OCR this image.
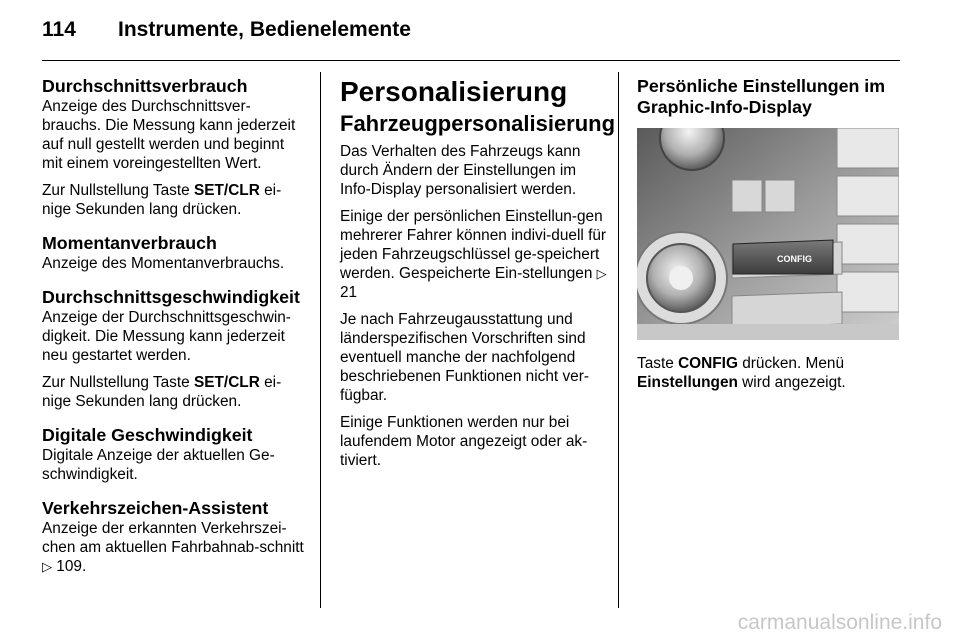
114	Instrumente, Bedienelemente
Durchschnittsverbrauch

Anzeige des Durchschnittsver-brauchs. Die Messung kann jederzeit auf null gestellt werden und beginnt mit einem voreingestellten Wert.

Zur Nullstellung Taste SET/CLR ei-nige Sekunden lang drücken.

Momentanverbrauch

Anzeige des Momentanverbrauchs.

Durchschnittsgeschwindigkeit

Anzeige der Durchschnittsgeschwin-digkeit. Die Messung kann jederzeit neu gestartet werden.

Zur Nullstellung Taste SET/CLR ei-nige Sekunden lang drücken.

Digitale Geschwindigkeit

Digitale Anzeige der aktuellen Ge-schwindigkeit.

Verkehrszeichen-Assistent

Anzeige der erkannten Verkehrszei-chen am aktuellen Fahrbahnab-schnitt ▷ 109.

Personalisierung
Fahrzeugpersonalisierung

Das Verhalten des Fahrzeugs kann durch Ändern der Einstellungen im Info-Display personalisiert werden.

Einige der persönlichen Einstellun-gen mehrerer Fahrer können indivi-duell für jeden Fahrzeugschlüssel ge-speichert werden. Gespeicherte Ein-stellungen ▷ 21

Je nach Fahrzeugausstattung und länderspezifischen Vorschriften sind eventuell manche der nachfolgend beschriebenen Funktionen nicht ver-fügbar.

Einige Funktionen werden nur bei laufendem Motor angezeigt oder ak-tiviert.

Persönliche Einstellungen im Graphic-Info-Display
CONFIG

Taste CONFIG drücken. Menü Einstellungen wird angezeigt.

carmanualsonline.info
